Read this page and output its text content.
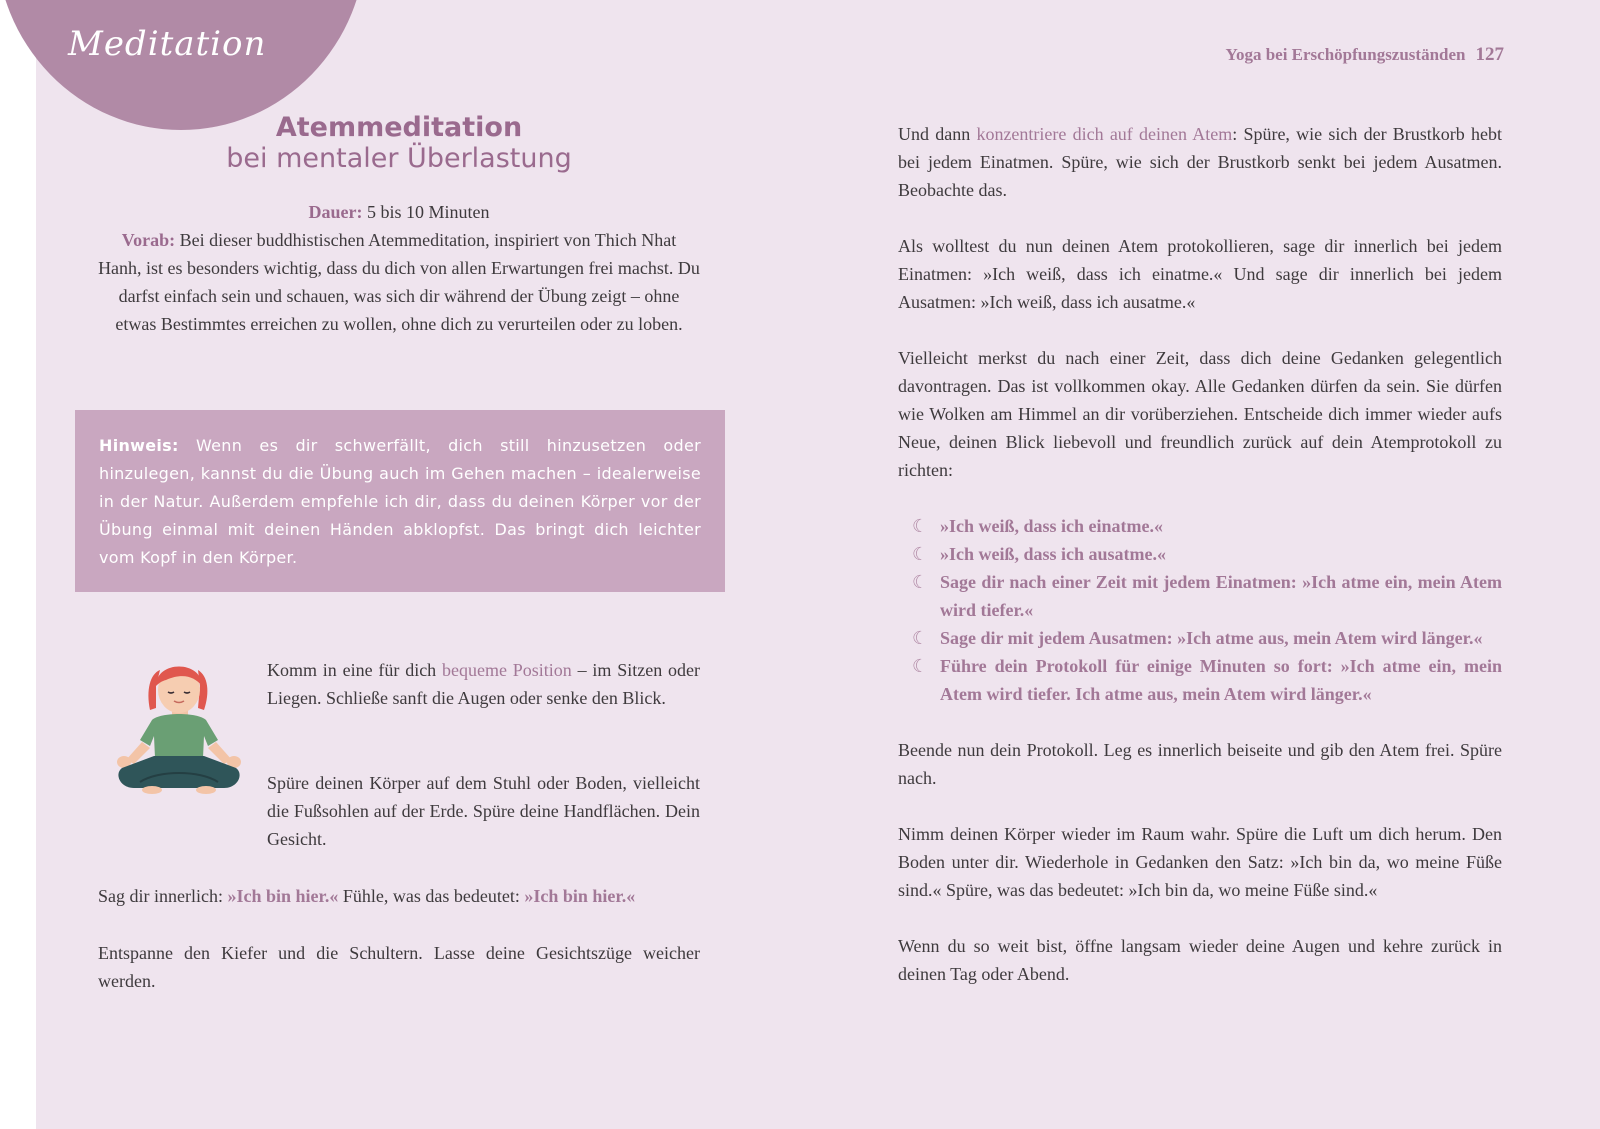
Meditation	Yoga bei Erschöpfungszuständen 127
Atemmeditation
bei mentaler Überlastung

Dauer: 5 bis 10 Minuten

Vorab: Bei dieser buddhistischen Atemmeditation, inspiriert von Thich Nhat Hanh, ist es besonders wichtig, dass du dich von allen Erwartungen frei machst. Du darfst einfach sein und schauen, was sich dir während der Übung zeigt – ohne etwas Bestimmtes erreichen zu wollen, ohne dich zu verurteilen oder zu loben.

Hinweis: Wenn es dir schwerfällt, dich still hinzusetzen oder hinzulegen, kannst du die Übung auch im Gehen machen – idealerweise in der Natur. Außerdem empfehle ich dir, dass du deinen Körper vor der Übung einmal mit deinen Händen abklopfst. Das bringt dich leichter vom Kopf in den Körper.

Komm in eine für dich bequeme Position – im Sitzen oder Liegen. Schließe sanft die Augen oder senke den Blick.

Spüre deinen Körper auf dem Stuhl oder Boden, vielleicht die Fußsohlen auf der Erde. Spüre deine Handflächen. Dein Gesicht.

Sag dir innerlich: »Ich bin hier.« Fühle, was das bedeutet: »Ich bin hier.«

Entspanne den Kiefer und die Schultern. Lasse deine Gesichtszüge weicher werden.

Und dann konzentriere dich auf deinen Atem: Spüre, wie sich der Brustkorb hebt bei jedem Einatmen. Spüre, wie sich der Brustkorb senkt bei jedem Ausatmen. Beobachte das.

Als wolltest du nun deinen Atem protokollieren, sage dir innerlich bei jedem Einatmen: »Ich weiß, dass ich einatme.« Und sage dir innerlich bei jedem Ausatmen: »Ich weiß, dass ich ausatme.«

Vielleicht merkst du nach einer Zeit, dass dich deine Gedanken gelegentlich davontragen. Das ist vollkommen okay. Alle Gedanken dürfen da sein. Sie dürfen wie Wolken am Himmel an dir vorüberziehen. Entscheide dich immer wieder aufs Neue, deinen Blick liebevoll und freundlich zurück auf dein Atemprotokoll zu richten:

☾ »Ich weiß, dass ich einatme.«
☾ »Ich weiß, dass ich ausatme.«
☾ Sage dir nach einer Zeit mit jedem Einatmen: »Ich atme ein, mein Atem wird tiefer.«
☾ Sage dir mit jedem Ausatmen: »Ich atme aus, mein Atem wird länger.«
☾ Führe dein Protokoll für einige Minuten so fort: »Ich atme ein, mein Atem wird tiefer. Ich atme aus, mein Atem wird länger.«

Beende nun dein Protokoll. Leg es innerlich beiseite und gib den Atem frei. Spüre nach.

Nimm deinen Körper wieder im Raum wahr. Spüre die Luft um dich herum. Den Boden unter dir. Wiederhole in Gedanken den Satz: »Ich bin da, wo meine Füße sind.« Spüre, was das bedeutet: »Ich bin da, wo meine Füße sind.«

Wenn du so weit bist, öffne langsam wieder deine Augen und kehre zurück in deinen Tag oder Abend.
